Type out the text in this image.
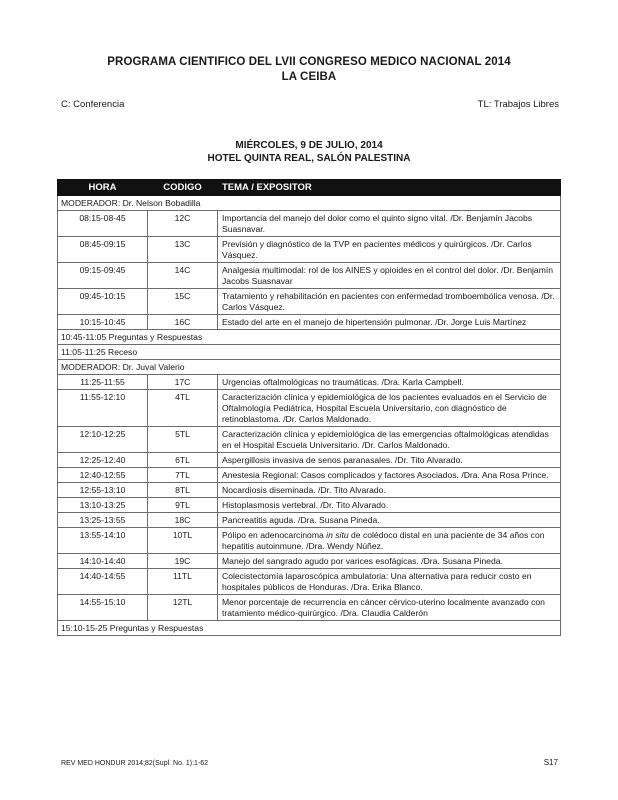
PROGRAMA CIENTIFICO DEL LVII CONGRESO MEDICO NACIONAL 2014
LA CEIBA
C: Conferencia	TL: Trabajos Libres
MIÉRCOLES, 9 DE JULIO, 2014
HOTEL QUINTA REAL, SALÓN PALESTINA
HORA	CODIGO	TEMA / EXPOSITOR
MODERADOR: Dr. Nelson Bobadilla		
08:15-08-45	12C	Importancia del manejo del dolor como el quinto signo vital. /Dr. Benjamín Jacobs Suasnavar.
08:45-09:15	13C	Previsión y diagnóstico de la TVP en pacientes médicos y quirúrgicos. /Dr. Carlos Vásquez.
09:15-09:45	14C	Analgesia multimodal: rol de los AINES y opioides en el control del dolor. /Dr. Benjamín Jacobs Suasnavar
09:45-10:15	15C	Tratamiento y rehabilitación en pacientes con enfermedad tromboembólica venosa. /Dr. Carlos Vásquez.
10:15-10:45	16C	Estado del arte en el manejo de hipertensión pulmonar. /Dr. Jorge Luis Martínez
10:45-11:05 Preguntas y Respuestas		
11:05-11:25 Receso		
MODERADOR: Dr. Juval Valerio		
11:25-11:55	17C	Urgencias oftalmológicas no traumáticas. /Dra. Karla Campbell.
11:55-12:10	4TL	Caracterización clínica y epidemiológica de los pacientes evaluados en el Servicio de Oftalmología Pediátrica, Hospital Escuela Universitario, con diagnóstico de retinoblastoma. /Dr. Carlos Maldonado.
12:10-12:25	5TL	Caracterización clínica y epidemiológica de las emergencias oftalmológicas atendidas en el Hospital Escuela Universitario. /Dr. Carlos Maldonado.
12:25-12:40	6TL	Aspergillosis invasiva de senos paranasales. /Dr. Tito Alvarado.
12:40-12:55	7TL	Anestesia Regional: Casos complicados y factores Asociados. /Dra. Ana Rosa Prince.
12:55-13:10	8TL	Nocardiosis diseminada. /Dr. Tito Alvarado.
13:10-13:25	9TL	Histoplasmosis vertebral. /Dr. Tito Alvarado.
13:25-13:55	18C	Pancreatitis aguda. /Dra. Susana Pineda.
13:55-14:10	10TL	Pólipo en adenocarcinoma in situ de colédoco distal en una paciente de 34 años con hepatitis autoinmune. /Dra. Wendy Núñez.
14:10-14:40	19C	Manejo del sangrado agudo por varices esofágicas. /Dra. Susana Pineda.
14:40-14:55	11TL	Colecistectomía laparoscópica ambulatoria: Una alternativa para reducir costo en hospitales públicos de Honduras. /Dra. Erika Blanco.
14:55-15:10	12TL	Menor porcentaje de recurrencia en cáncer cérvico-uterino localmente avanzado con tratamiento médico-quirúrgico. /Dra. Claudia Calderón
15:10-15-25 Preguntas y Respuestas		
REV MED HONDUR 2014;82(Supl. No. 1):1-62	S17
